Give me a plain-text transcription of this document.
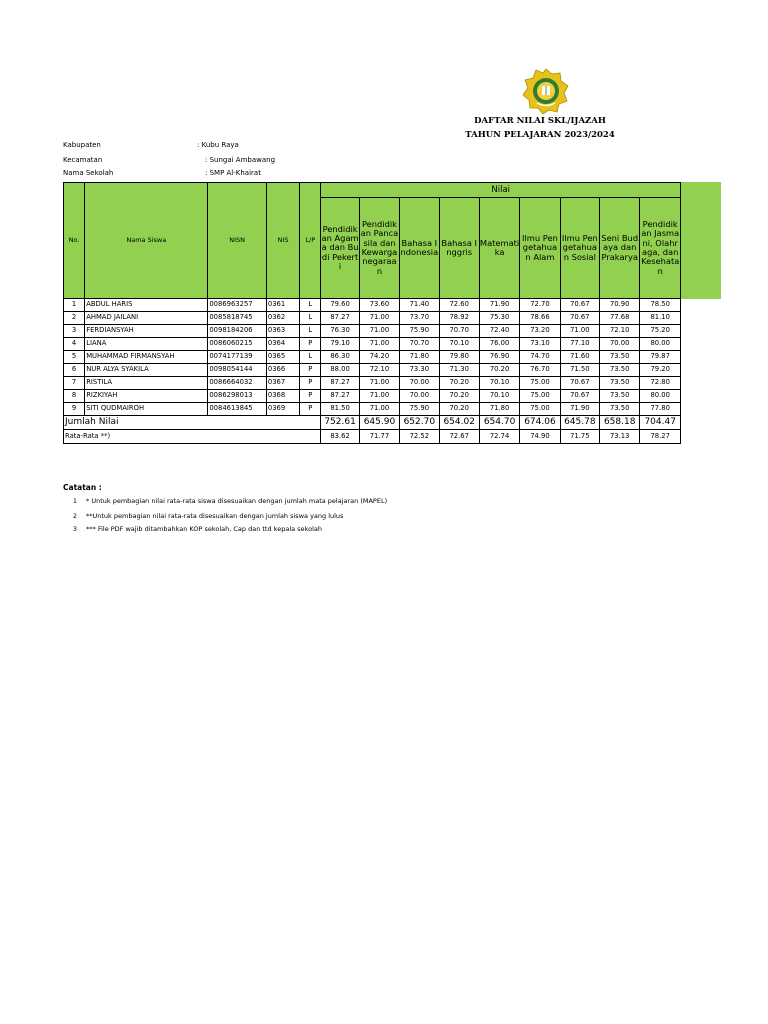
DAFTAR NILAI SKL/IJAZAH
TAHUN PELAJARAN 2023/2024
Kabupaten	: Kubu Raya
Kecamatan	: Sungai Ambawang
Nama Sekolah	: SMP Al-Khairat
No.	Nama Siswa	NISN	NIS	L/P	Nilai								
					Pendidikan Agama dan Budi Pekerti	Pendidikan Pancasila dan Kewarganegaraan	Bahasa Indonesia	Bahasa Inggris	Matematika	Ilmu Pengetahuan Alam	Ilmu Pengetahuan Sosial	Seni Budaya dan Prakarya	Pendidikan Jasmani, Olahraga, dan Kesehatan
1	ABDUL HARIS	0086963257	0361	L	79.60	73.60	71.40	72.60	71.90	72.70	70.67	70.90	78.50
2	AHMAD JAILANI	0085818745	0362	L	87.27	71.00	73.70	78.92	75.30	78.66	70.67	77.68	81.10
3	FERDIANSYAH	0098184206	0363	L	76.30	71.00	75.90	70.70	72.40	73.20	71.00	72.10	75.20
4	LIANA	0086060215	0364	P	79.10	71.00	70.70	70.10	76.00	73.10	77.10	70.00	80.00
5	MUHAMMAD FIRMANSYAH	0074177139	0365	L	86.30	74.20	71.80	79.80	76.90	74.70	71.60	73.50	79.87
6	NUR ALYA SYAKILA	0098054144	0366	P	88.00	72.10	73.30	71.30	70.20	76.70	71.50	73.50	79.20
7	RISTILA	0086664032	0367	P	87.27	71.00	70.00	70.20	70.10	75.00	70.67	73.50	72.80
8	RIZKIYAH	0086298013	0368	P	87.27	71.00	70.00	70.20	70.10	75.00	70.67	73.50	80.00
9	SITI QUDMAIROH	0084613845	0369	P	81.50	71.00	75.90	70.20	71.80	75.00	71.90	73.50	77.80
Jumlah Nilai					752.61	645.90	652.70	654.02	654.70	674.06	645.78	658.18	704.47
Rata-Rata **)					83.62	71.77	72.52	72.67	72.74	74.90	71.75	73.13	78.27
Catatan :
1 * Untuk pembagian nilai rata-rata siswa disesuaikan dengan jumlah mata pelajaran (MAPEL)
2 **Untuk pembagian nilai rata-rata disesuaikan dengan jumlah siswa yang lulus
3 *** File PDF wajib ditambahkan KOP sekolah, Cap dan ttd kepala sekolah
